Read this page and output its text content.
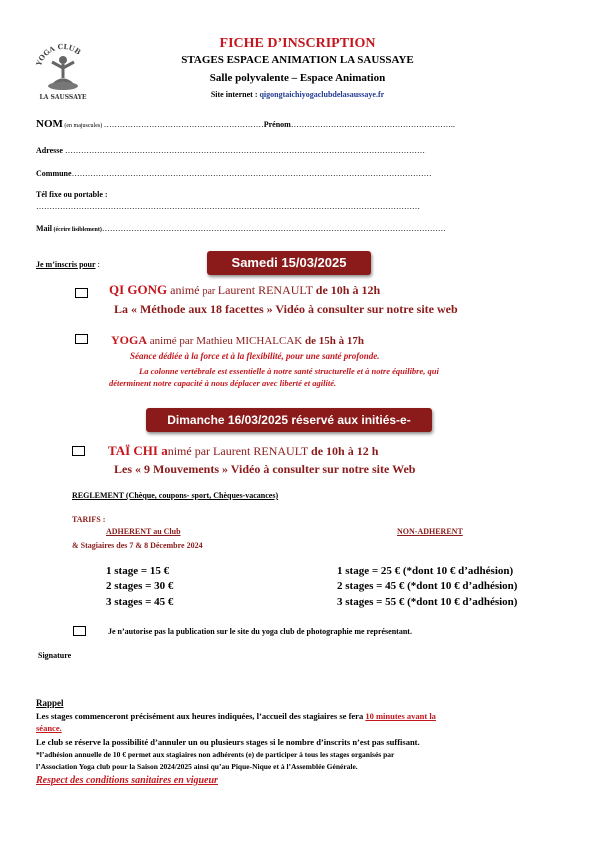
YOGA CLUB
LA SAUSSAYE
FICHE D’INSCRIPTION
STAGES ESPACE ANIMATION LA SAUSSAYE
Salle polyvalente – Espace Animation
Site internet : qigongtaichiyogaclubdelasaussaye.fr
NOM (en majuscules) ……………………………………………………Prénom……………………………………………………..
Adresse ………………………………………………………………………………………………………………………
Commune………………………………………………………………………………………………………………………
Tél fixe ou portable :
………………………………………………………………………………………………………………………………
Mail (écrire lisiblement)…………………………………………………………………………………………………………………
Je m’inscris pour :	Samedi 15/03/2025
QI GONG animé par Laurent RENAULT de 10h à 12h
La « Méthode aux 18 facettes » Vidéo à consulter sur notre site web
YOGA animé par Mathieu MICHALCAK de 15h à 17h
Séance dédiée à la force et à la flexibilité, pour une santé profonde.
La colonne vertébrale est essentielle à notre santé structurelle et à notre équilibre, qui
déterminent notre capacité à nous déplacer avec liberté et agilité.
Dimanche 16/03/2025 réservé aux initiés-e-
TAÏ CHI animé par Laurent RENAULT de 10h à 12 h
Les « 9 Mouvements » Vidéo à consulter sur notre site Web
REGLEMENT (Chèque, coupons- sport, Chèques-vacances)
TARIFS :
ADHERENT au Club	NON-ADHERENT
& Stagiaires des 7 & 8 Décembre 2024
1 stage = 15 €
2 stages = 30 €
3 stages = 45 €
1 stage = 25 € (*dont 10 € d’adhésion)
2 stages = 45 € (*dont 10 € d’adhésion)
3 stages = 55 € (*dont 10 € d’adhésion)
Je n’autorise pas la publication sur le site du yoga club de photographie me représentant.
Signature
Rappel
Les stages commenceront précisément aux heures indiquées, l’accueil des stagiaires se fera 10 minutes avant la
séance.
Le club se réserve la possibilité d’annuler un ou plusieurs stages si le nombre d’inscrits n’est pas suffisant.
*l’adhésion annuelle de 10 € permet aux stagiaires non adhérents (e) de participer à tous les stages organisés par
l’Association Yoga club pour la Saison 2024/2025 ainsi qu’au Pique-Nique et à l’Assemblée Générale.
Respect des conditions sanitaires en vigueur
